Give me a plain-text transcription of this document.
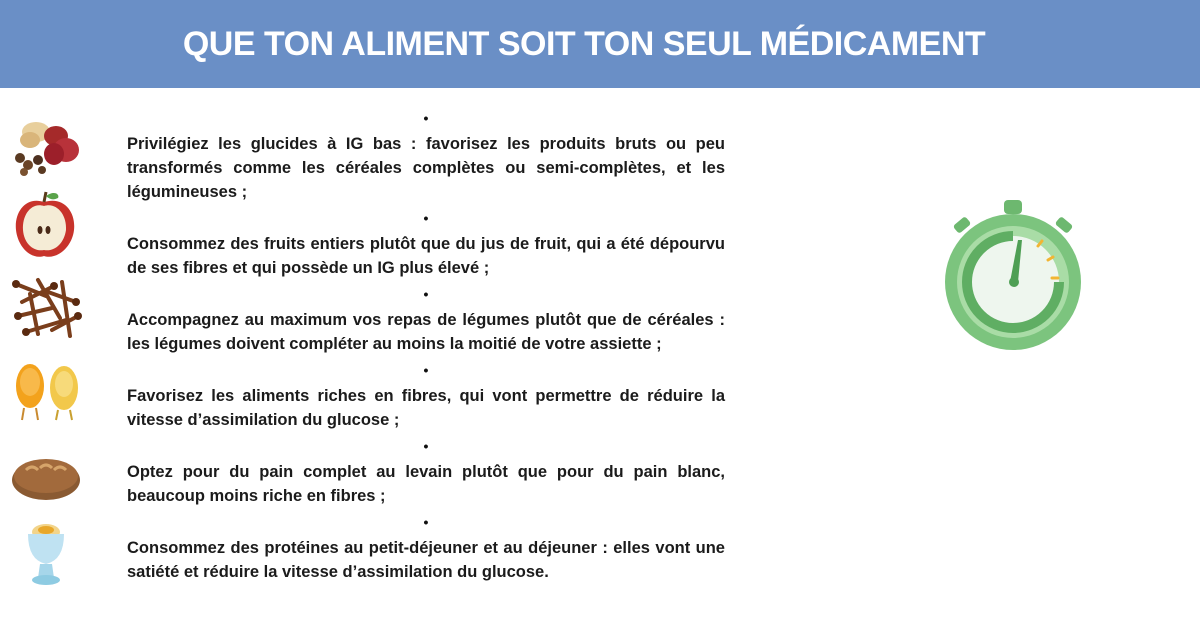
QUE TON ALIMENT SOIT TON SEUL MÉDICAMENT
•

Privilégiez les glucides à IG bas : favorisez les produits bruts ou peu transformés comme les céréales complètes ou semi-complètes, et les légumineuses ;

•

Consommez des fruits entiers plutôt que du jus de fruit, qui a été dépourvu de ses fibres et qui possède un IG plus élevé ;

•

Accompagnez au maximum vos repas de légumes plutôt que de céréales : les légumes doivent compléter au moins la moitié de votre assiette ;

•

Favorisez les aliments riches en fibres, qui vont permettre de réduire la vitesse d’assimilation du glucose ;

•

Optez pour du pain complet au levain plutôt que pour du pain blanc, beaucoup moins riche en fibres ;

•

Consommez des protéines au petit-déjeuner et au déjeuner : elles vont une satiété et réduire la vitesse d’assimilation du glucose.
